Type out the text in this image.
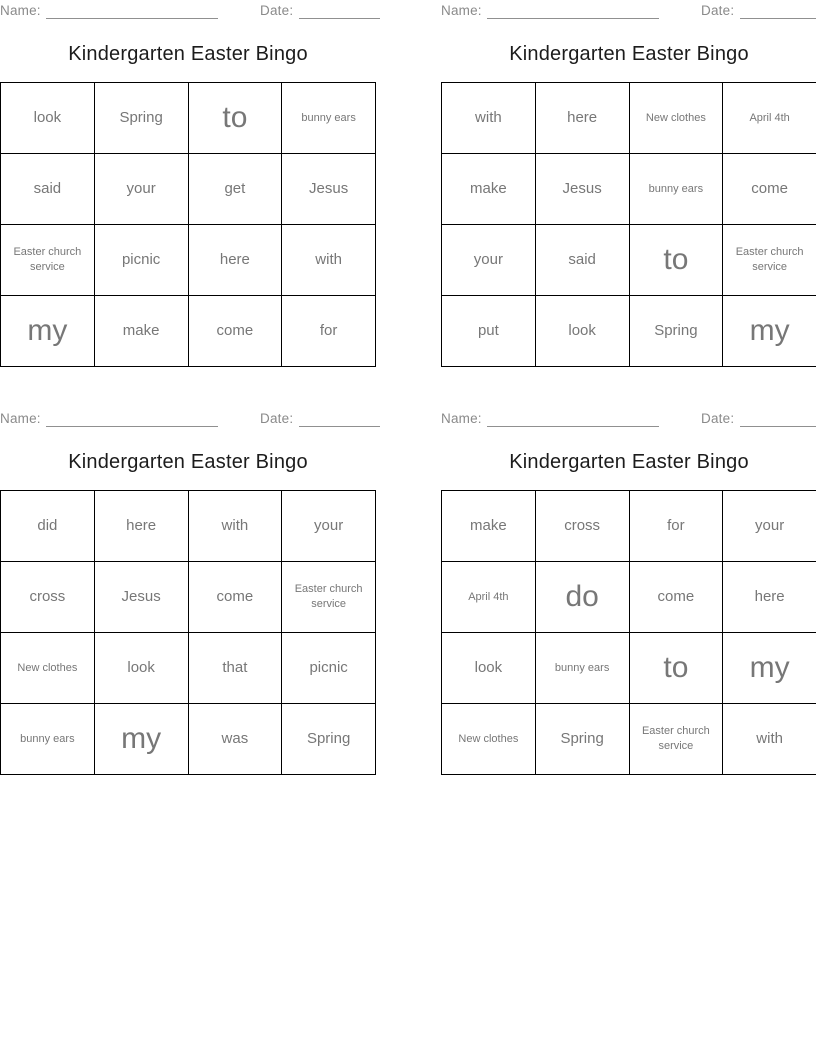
Name:	Date:
Kindergarten Easter Bingo
look	Spring	to	bunny ears
said	your	get	Jesus
Easter church service	picnic	here	with
my	make	come	for
Name:	Date:
Kindergarten Easter Bingo
with	here	New clothes	April 4th
make	Jesus	bunny ears	come
your	said	to	Easter church service
put	look	Spring	my
Name:	Date:
Kindergarten Easter Bingo
did	here	with	your
cross	Jesus	come	Easter church service
New clothes	look	that	picnic
bunny ears	my	was	Spring
Name:	Date:
Kindergarten Easter Bingo
make	cross	for	your
April 4th	do	come	here
look	bunny ears	to	my
New clothes	Spring	Easter church service	with
